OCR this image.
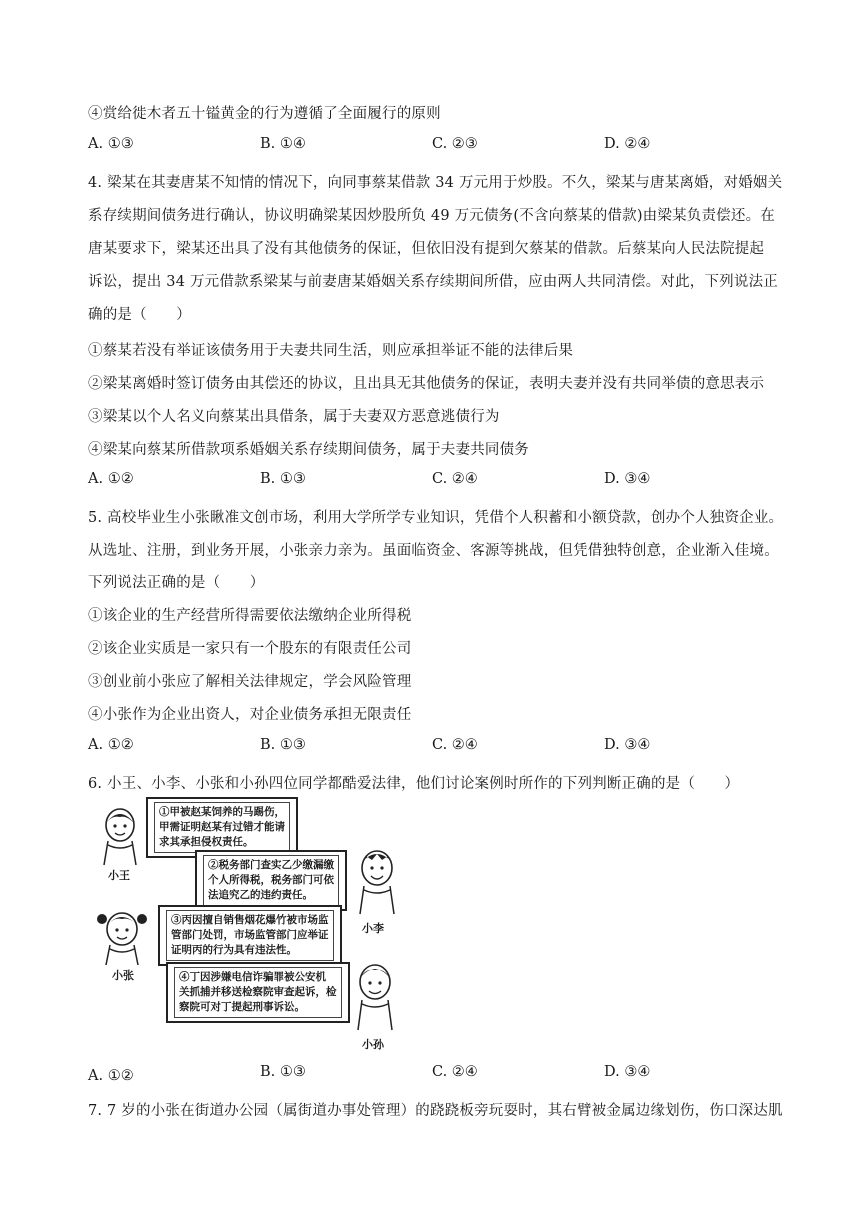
④赏给徙木者五十镒黄金的行为遵循了全面履行的原则
A. ①③	B. ①④	C. ②③	D. ②④
4. 梁某在其妻唐某不知情的情况下，向同事蔡某借款 34 万元用于炒股。不久，梁某与唐某离婚，对婚姻关
系存续期间债务进行确认，协议明确梁某因炒股所负 49 万元债务(不含向蔡某的借款)由梁某负责偿还。在
唐某要求下，梁某还出具了没有其他债务的保证，但依旧没有提到欠蔡某的借款。后蔡某向人民法院提起
诉讼，提出 34 万元借款系梁某与前妻唐某婚姻关系存续期间所借，应由两人共同清偿。对此，下列说法正
确的是（　　）
①蔡某若没有举证该债务用于夫妻共同生活，则应承担举证不能的法律后果
②梁某离婚时签订债务由其偿还的协议，且出具无其他债务的保证，表明夫妻并没有共同举债的意思表示
③梁某以个人名义向蔡某出具借条，属于夫妻双方恶意逃债行为
④梁某向蔡某所借款项系婚姻关系存续期间债务，属于夫妻共同债务
A. ①②	B. ①③	C. ②④	D. ③④
5. 高校毕业生小张瞅准文创市场，利用大学所学专业知识，凭借个人积蓄和小额贷款，创办个人独资企业。
从选址、注册，到业务开展，小张亲力亲为。虽面临资金、客源等挑战，但凭借独特创意，企业渐入佳境。
下列说法正确的是（　　）
①该企业的生产经营所得需要依法缴纳企业所得税
②该企业实质是一家只有一个股东的有限责任公司
③创业前小张应了解相关法律规定，学会风险管理
④小张作为企业出资人，对企业债务承担无限责任
A. ①②	B. ①③	C. ②④	D. ③④
6. 小王、小李、小张和小孙四位同学都酷爱法律，他们讨论案例时所作的下列判断正确的是（　　）
①甲被赵某饲养的马踢伤，
甲需证明赵某有过错才能请
求其承担侵权责任。
②税务部门查实乙少缴漏缴
个人所得税，税务部门可依
法追究乙的违约责任。
③丙因擅自销售烟花爆竹被市场监
管部门处罚，市场监管部门应举证
证明丙的行为具有违法性。
④丁因涉嫌电信诈骗罪被公安机
关抓捕并移送检察院审查起诉，检
察院可对丁提起刑事诉讼。
小王
小李
小张
小孙
A. ①②	B. ①③	C. ②④	D. ③④
7. 7 岁的小张在街道办公园（属街道办事处管理）的跷跷板旁玩耍时，其右臂被金属边缘划伤，伤口深达肌
